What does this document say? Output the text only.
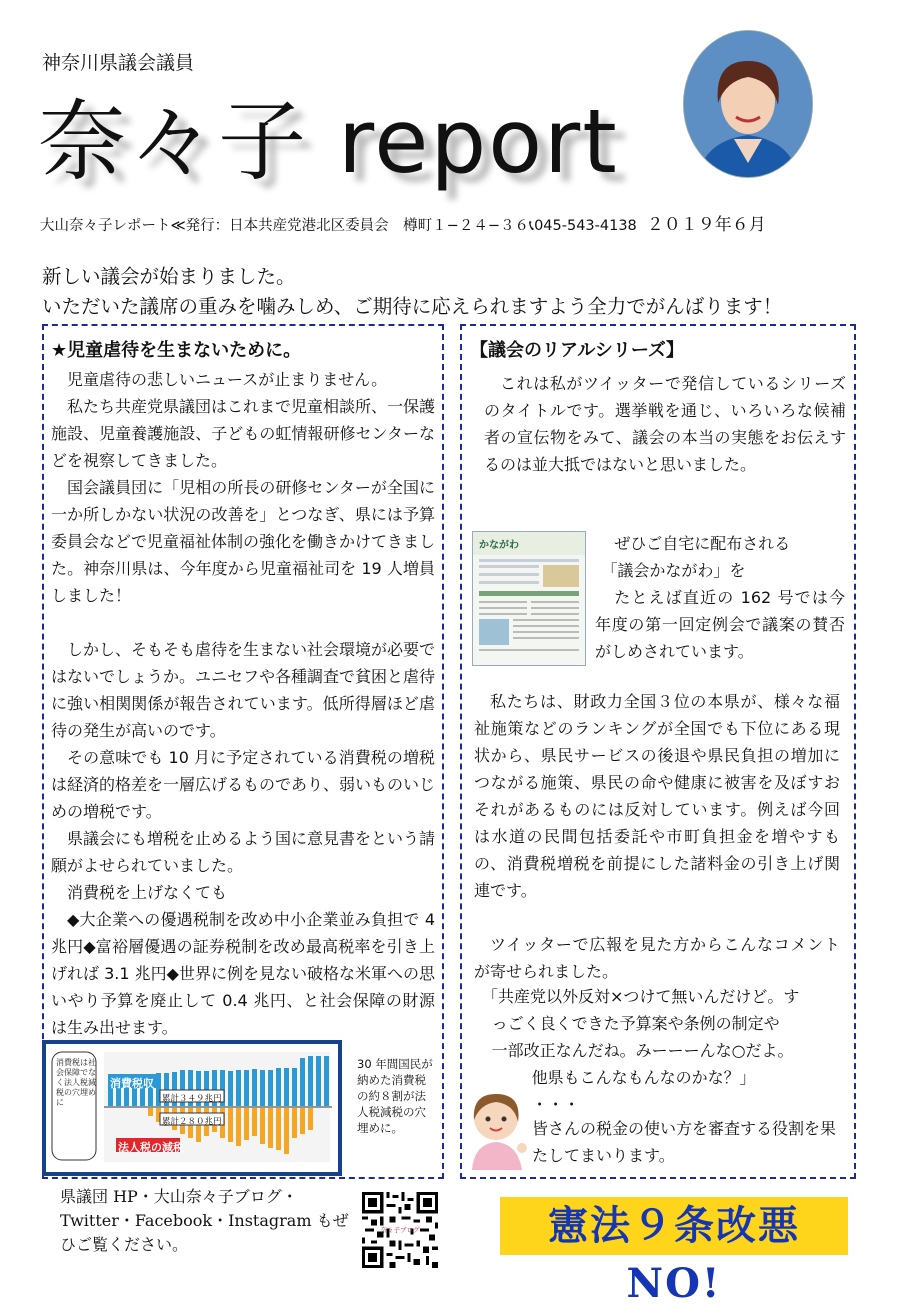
神奈川県議会議員
奈々子 report
大山奈々子レポート≪発行：日本共産党港北区委員会　樽町１−２４−３６📞︎045-543-4138 ２０１９年６月
新しい議会が始まりました。
いただいた議席の重みを噛みしめ、ご期待に応えられますよう全力でがんばります！
★児童虐待を生まないために。

児童虐待の悲しいニュースが止まりません。

私たち共産党県議団はこれまで児童相談所、一保護施設、児童養護施設、子どもの虹情報研修センターなどを視察してきました。

国会議員団に「児相の所長の研修センターが全国に一か所しかない状況の改善を」とつなぎ、県には予算委員会などで児童福祉体制の強化を働きかけてきました。神奈川県は、今年度から児童福祉司を 19 人増員しました！

しかし、そもそも虐待を生まない社会環境が必要ではないでしょうか。ユニセフや各種調査で貧困と虐待に強い相関関係が報告されています。低所得層ほど虐待の発生が高いのです。

その意味でも 10 月に予定されている消費税の増税は経済的格差を一層広げるものであり、弱いものいじめの増税です。

県議会にも増税を止めるよう国に意見書をという請願がよせられていました。

消費税を上げなくても

◆大企業への優遇税制を改め中小企業並み負担で 4 兆円◆富裕層優遇の証券税制を改め最高税率を引き上げれば 3.1 兆円◆世界に例を見ない破格な米軍への思いやり予算を廃止して 0.4 兆円、と社会保障の財源は生み出せます。

消費税は社会保障でなく法人税減税の穴埋めに
消費税収
法人税の減税
累計３４９兆円
累計２８０兆円
30 年間国民が納めた消費税の約８割が法人税減税の穴埋めに。
【議会のリアルシリーズ】

これは私がツイッターで発信しているシリーズのタイトルです。選挙戦を通じ、いろいろな候補者の宣伝物をみて、議会の本当の実態をお伝えするのは並大抵ではないと思いました。

かながわ	ぜひご自宅に配布される
「議会かながわ」を
たとえば直近の 162 号では今年度の第一回定例会で議案の賛否がしめされています。

私たちは、財政力全国３位の本県が、様々な福祉施策などのランキングが全国でも下位にある現状から、県民サービスの後退や県民負担の増加につながる施策、県民の命や健康に被害を及ぼすおそれがあるものには反対しています。例えば今回は水道の民間包括委託や市町負担金を増やすもの、消費税増税を前提にした諸料金の引き上げ関連です。

ツイッターで広報を見た方からこんなコメントが寄せられました。

「共産党以外反対×つけて無いんだけど。す
っごく良くできた予算案や条例の制定や
一部改正なんだね。みーーーんな○だよ。
他県もこんなもんなのかな？」
・・・
皆さんの税金の使い方を審査する役割を果たしてまいります。
県議団 HP・大山奈々子ブログ・Twitter・Facebook・Instagram もぜひご覧ください。
奈々子ブログ	憲法９条改悪 NO!
